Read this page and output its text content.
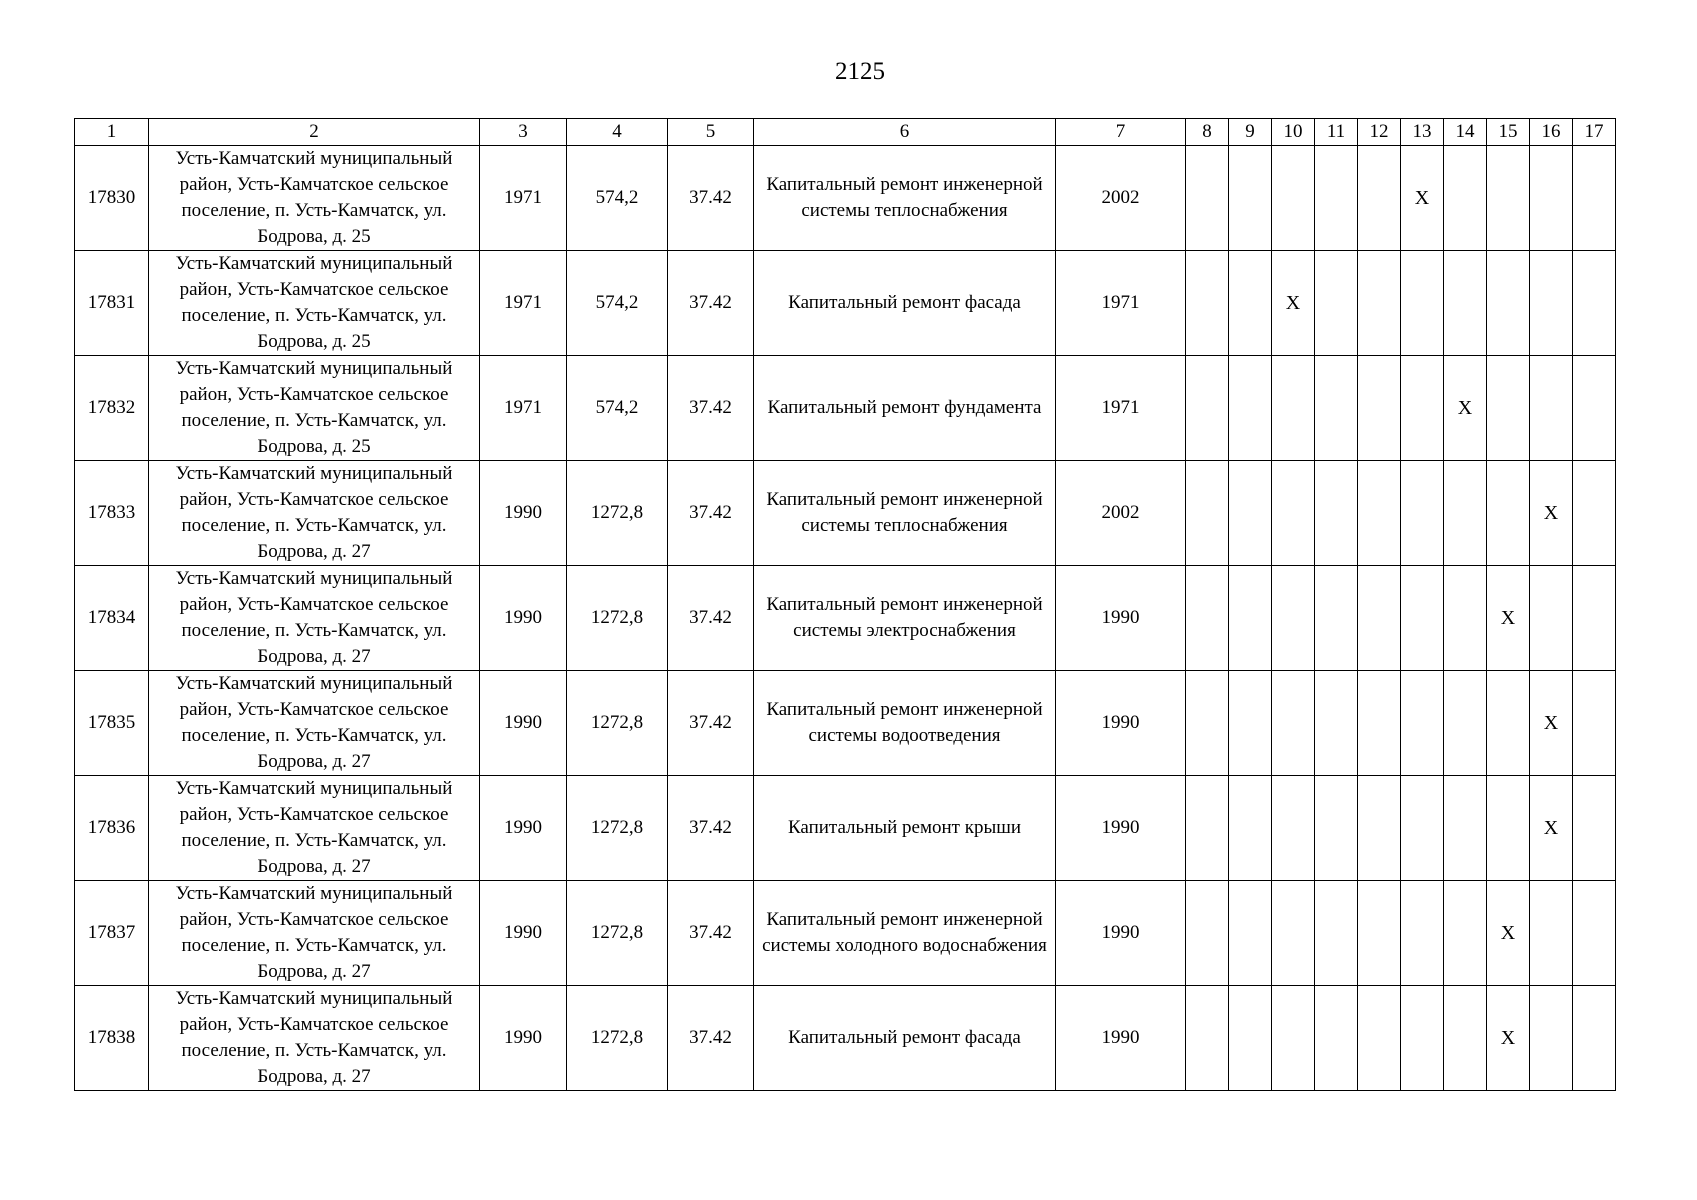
2125
1	2	3	4	5	6	7	8	9	10	11	12	13	14	15	16	17
17830	Усть-Камчатский муниципальный район, Усть-Камчатское сельское поселение, п. Усть-Камчатск, ул. Бодрова, д. 25	1971	574,2	37.42	Капитальный ремонт инженерной системы теплоснабжения	2002						X				
17831	Усть-Камчатский муниципальный район, Усть-Камчатское сельское поселение, п. Усть-Камчатск, ул. Бодрова, д. 25	1971	574,2	37.42	Капитальный ремонт фасада	1971			X							
17832	Усть-Камчатский муниципальный район, Усть-Камчатское сельское поселение, п. Усть-Камчатск, ул. Бодрова, д. 25	1971	574,2	37.42	Капитальный ремонт фундамента	1971							X			
17833	Усть-Камчатский муниципальный район, Усть-Камчатское сельское поселение, п. Усть-Камчатск, ул. Бодрова, д. 27	1990	1272,8	37.42	Капитальный ремонт инженерной системы теплоснабжения	2002									X	
17834	Усть-Камчатский муниципальный район, Усть-Камчатское сельское поселение, п. Усть-Камчатск, ул. Бодрова, д. 27	1990	1272,8	37.42	Капитальный ремонт инженерной системы электроснабжения	1990								X		
17835	Усть-Камчатский муниципальный район, Усть-Камчатское сельское поселение, п. Усть-Камчатск, ул. Бодрова, д. 27	1990	1272,8	37.42	Капитальный ремонт инженерной системы водоотведения	1990									X	
17836	Усть-Камчатский муниципальный район, Усть-Камчатское сельское поселение, п. Усть-Камчатск, ул. Бодрова, д. 27	1990	1272,8	37.42	Капитальный ремонт крыши	1990									X	
17837	Усть-Камчатский муниципальный район, Усть-Камчатское сельское поселение, п. Усть-Камчатск, ул. Бодрова, д. 27	1990	1272,8	37.42	Капитальный ремонт инженерной системы холодного водоснабжения	1990								X		
17838	Усть-Камчатский муниципальный район, Усть-Камчатское сельское поселение, п. Усть-Камчатск, ул. Бодрова, д. 27	1990	1272,8	37.42	Капитальный ремонт фасада	1990								X		
